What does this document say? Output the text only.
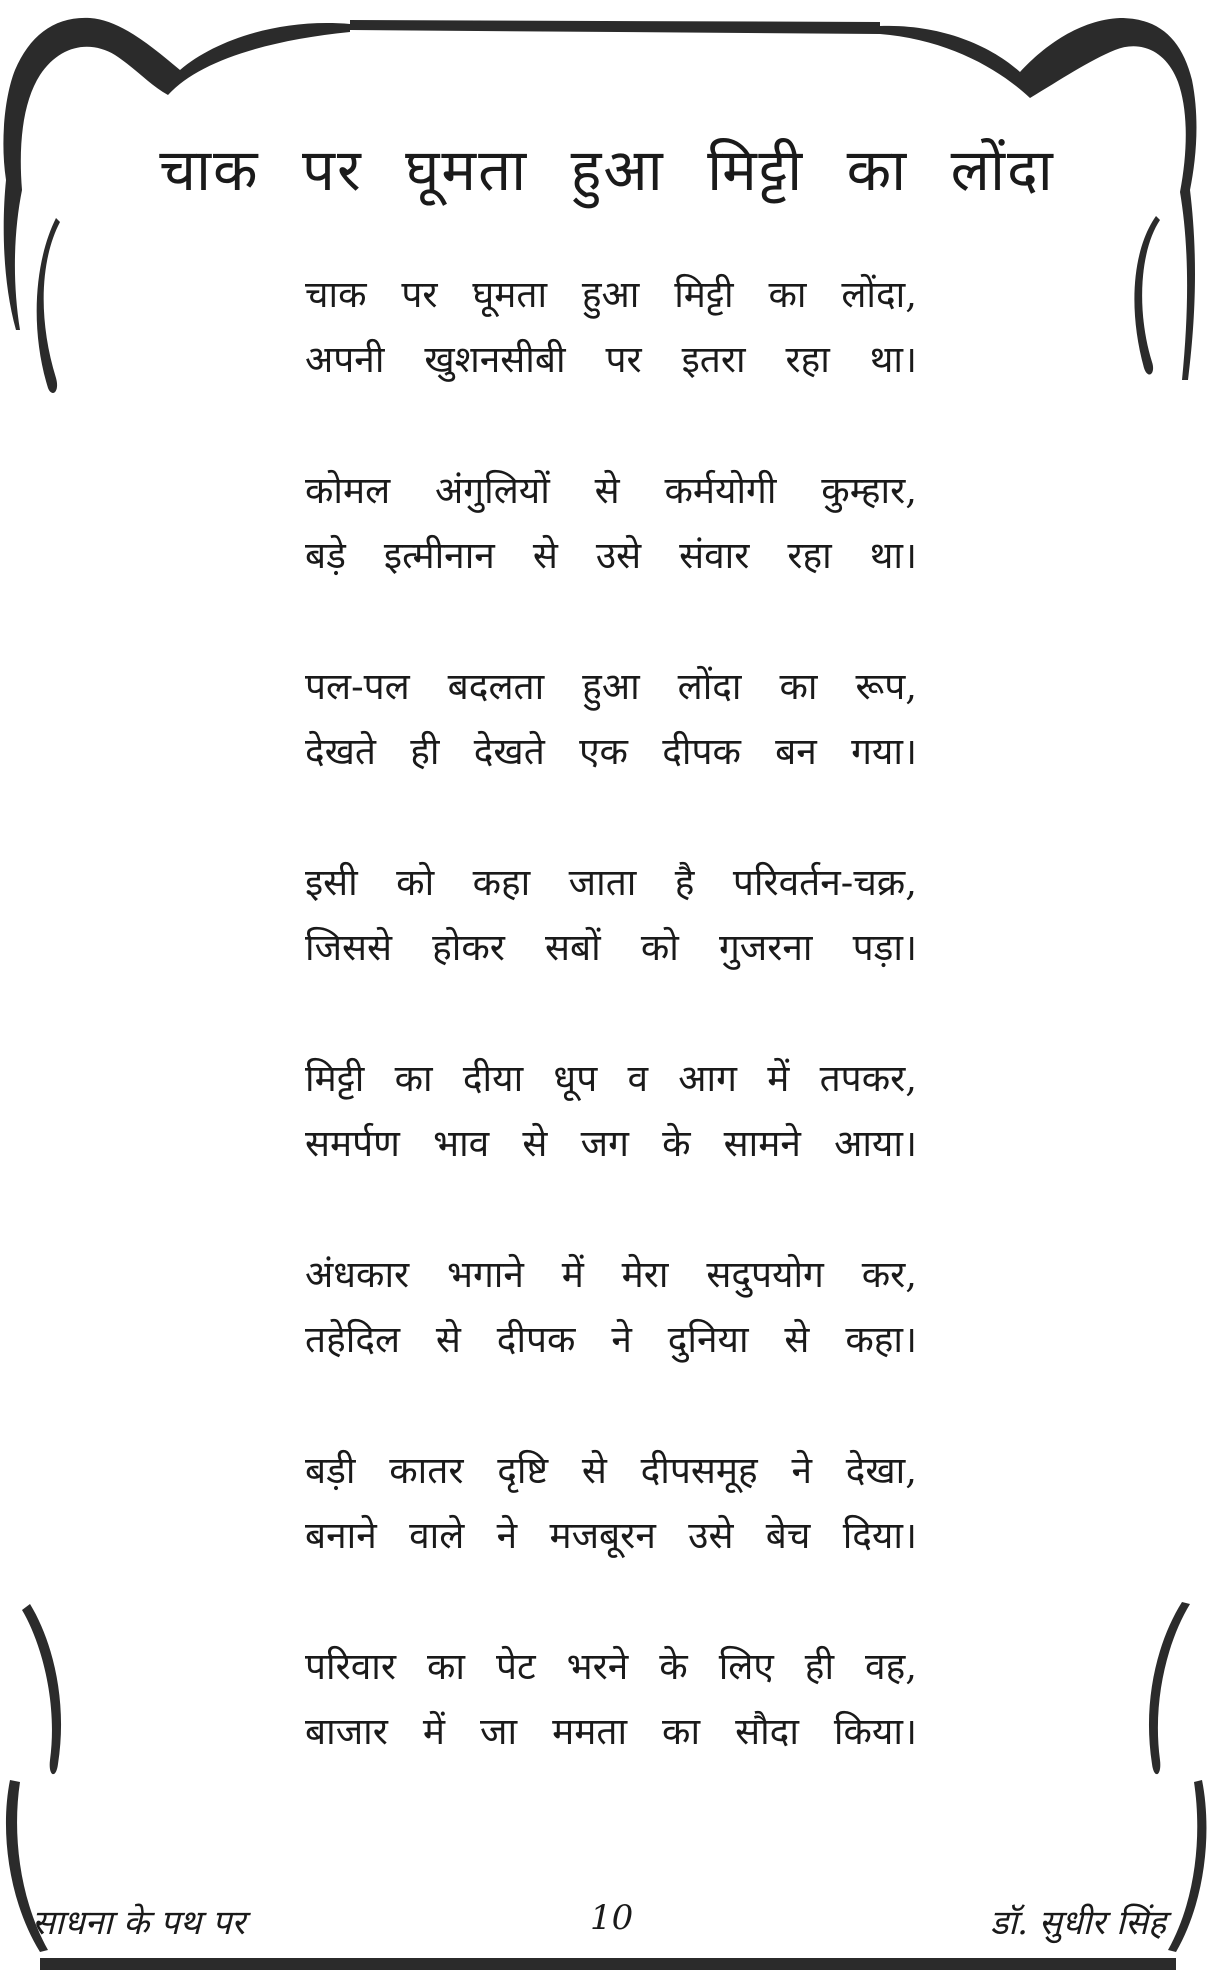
चाक पर घूमता हुआ मिट्टी का लोंदा
चाक पर घूमता हुआ मिट्टी का लोंदा,
अपनी खुशनसीबी पर इतरा रहा था।
कोमल अंगुलियों से कर्मयोगी कुम्हार,
बड़े इत्मीनान से उसे संवार रहा था।
पल-पल बदलता हुआ लोंदा का रूप,
देखते ही देखते एक दीपक बन गया।
इसी को कहा जाता है परिवर्तन-चक्र,
जिससे होकर सबों को गुजरना पड़ा।
मिट्टी का दीया धूप व आग में तपकर,
समर्पण भाव से जग के सामने आया।
अंधकार भगाने में मेरा सदुपयोग कर,
तहेदिल से दीपक ने दुनिया से कहा।
बड़ी कातर दृष्टि से दीपसमूह ने देखा,
बनाने वाले ने मजबूरन उसे बेच दिया।
परिवार का पेट भरने के लिए ही वह,
बाजार में जा ममता का सौदा किया।
साधना के पथ पर	10	डॉ. सुधीर सिंह
